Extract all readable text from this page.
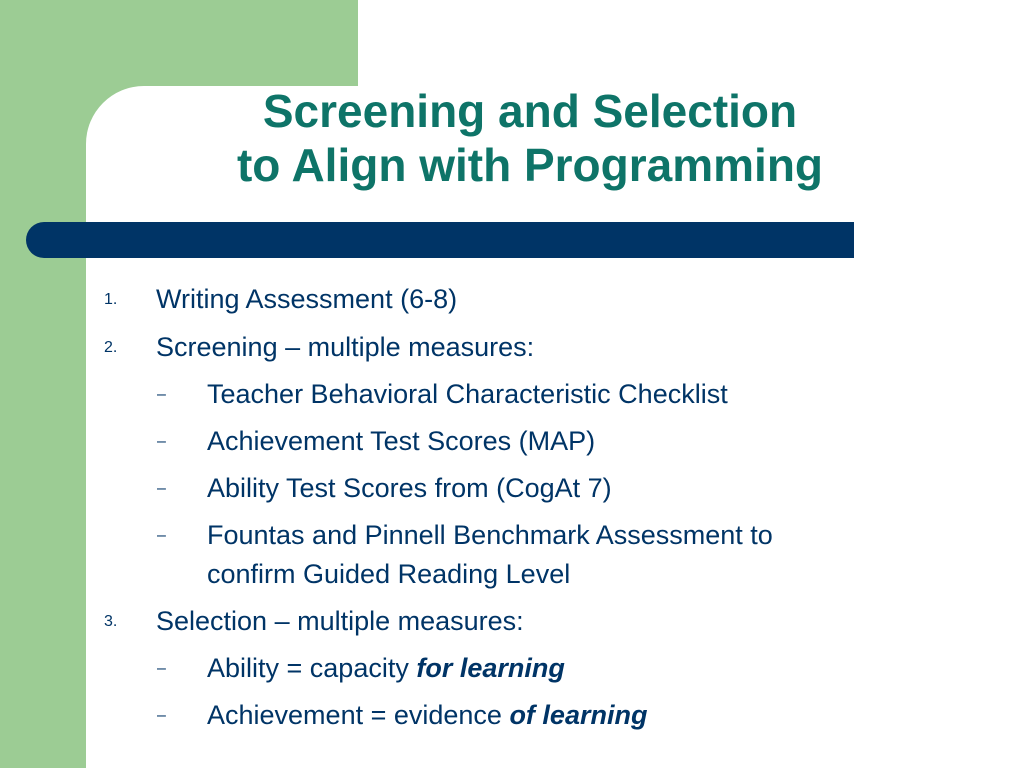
Screening and Selection
to Align with Programming
1. Writing Assessment (6-8)
2. Screening – multiple measures:
– Teacher Behavioral Characteristic Checklist
– Achievement Test Scores (MAP)
– Ability Test Scores from (CogAt 7)
– Fountas and Pinnell Benchmark Assessment to
confirm Guided Reading Level
3. Selection – multiple measures:
– Ability = capacity for learning
– Achievement = evidence of learning
